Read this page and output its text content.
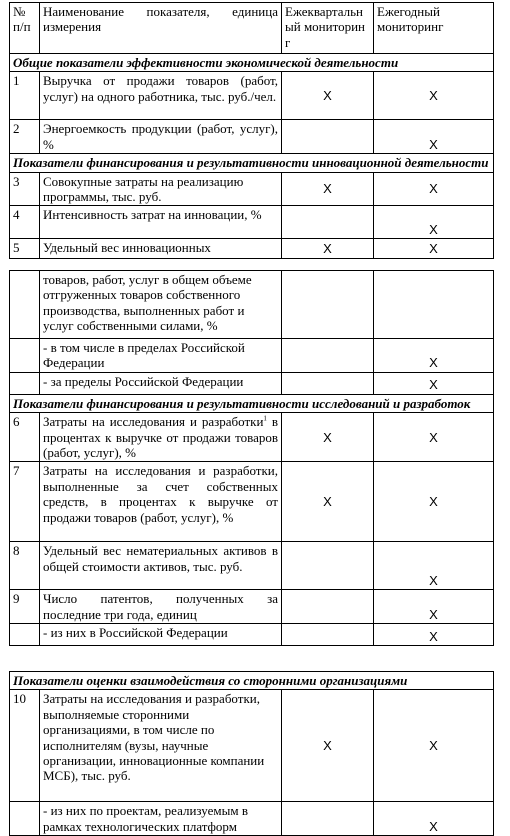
№ п/п	Наименование показателя, единица измерения	Ежеквартальный мониторинг	Ежегодный мониторинг
Общие показатели эффективности экономической деятельности			
1	Выручка от продажи товаров (работ, услуг) на одного работника, тыс. руб./чел.	X	X
2	Энергоемкость продукции (работ, услуг), %		X
Показатели финансирования и результативности инновационной деятельности			
3	Совокупные затраты на реализацию программы, тыс. руб.	X	X
4	Интенсивность затрат на инновации, %		X
5	Удельный вес инновационных	X	X
	товаров, работ, услуг в общем объеме отгруженных товаров собственного производства, выполненных работ и услуг собственными силами, %		
	- в том числе в пределах Российской Федерации		X
	- за пределы Российской Федерации		X
Показатели финансирования и результативности исследований и разработок			
6	Затраты на исследования и разработки$^1$ в процентах к выручке от продажи товаров (работ, услуг), %	X	X
7	Затраты на исследования и разработки, выполненные за счет собственных средств, в процентах к выручке от продажи товаров (работ, услуг), %	X	X
8	Удельный вес нематериальных активов в общей стоимости активов, тыс. руб.		X
9	Число патентов, полученных за последние три года, единиц		X
	- из них в Российской Федерации		X
Показатели оценки взаимодействия со сторонними организациями			
10	Затраты на исследования и разработки, выполняемые сторонними организациями, в том числе по исполнителям (вузы, научные организации, инновационные компании МСБ), тыс. руб.	X	X
	- из них по проектам, реализуемым в рамках технологических платформ		X
